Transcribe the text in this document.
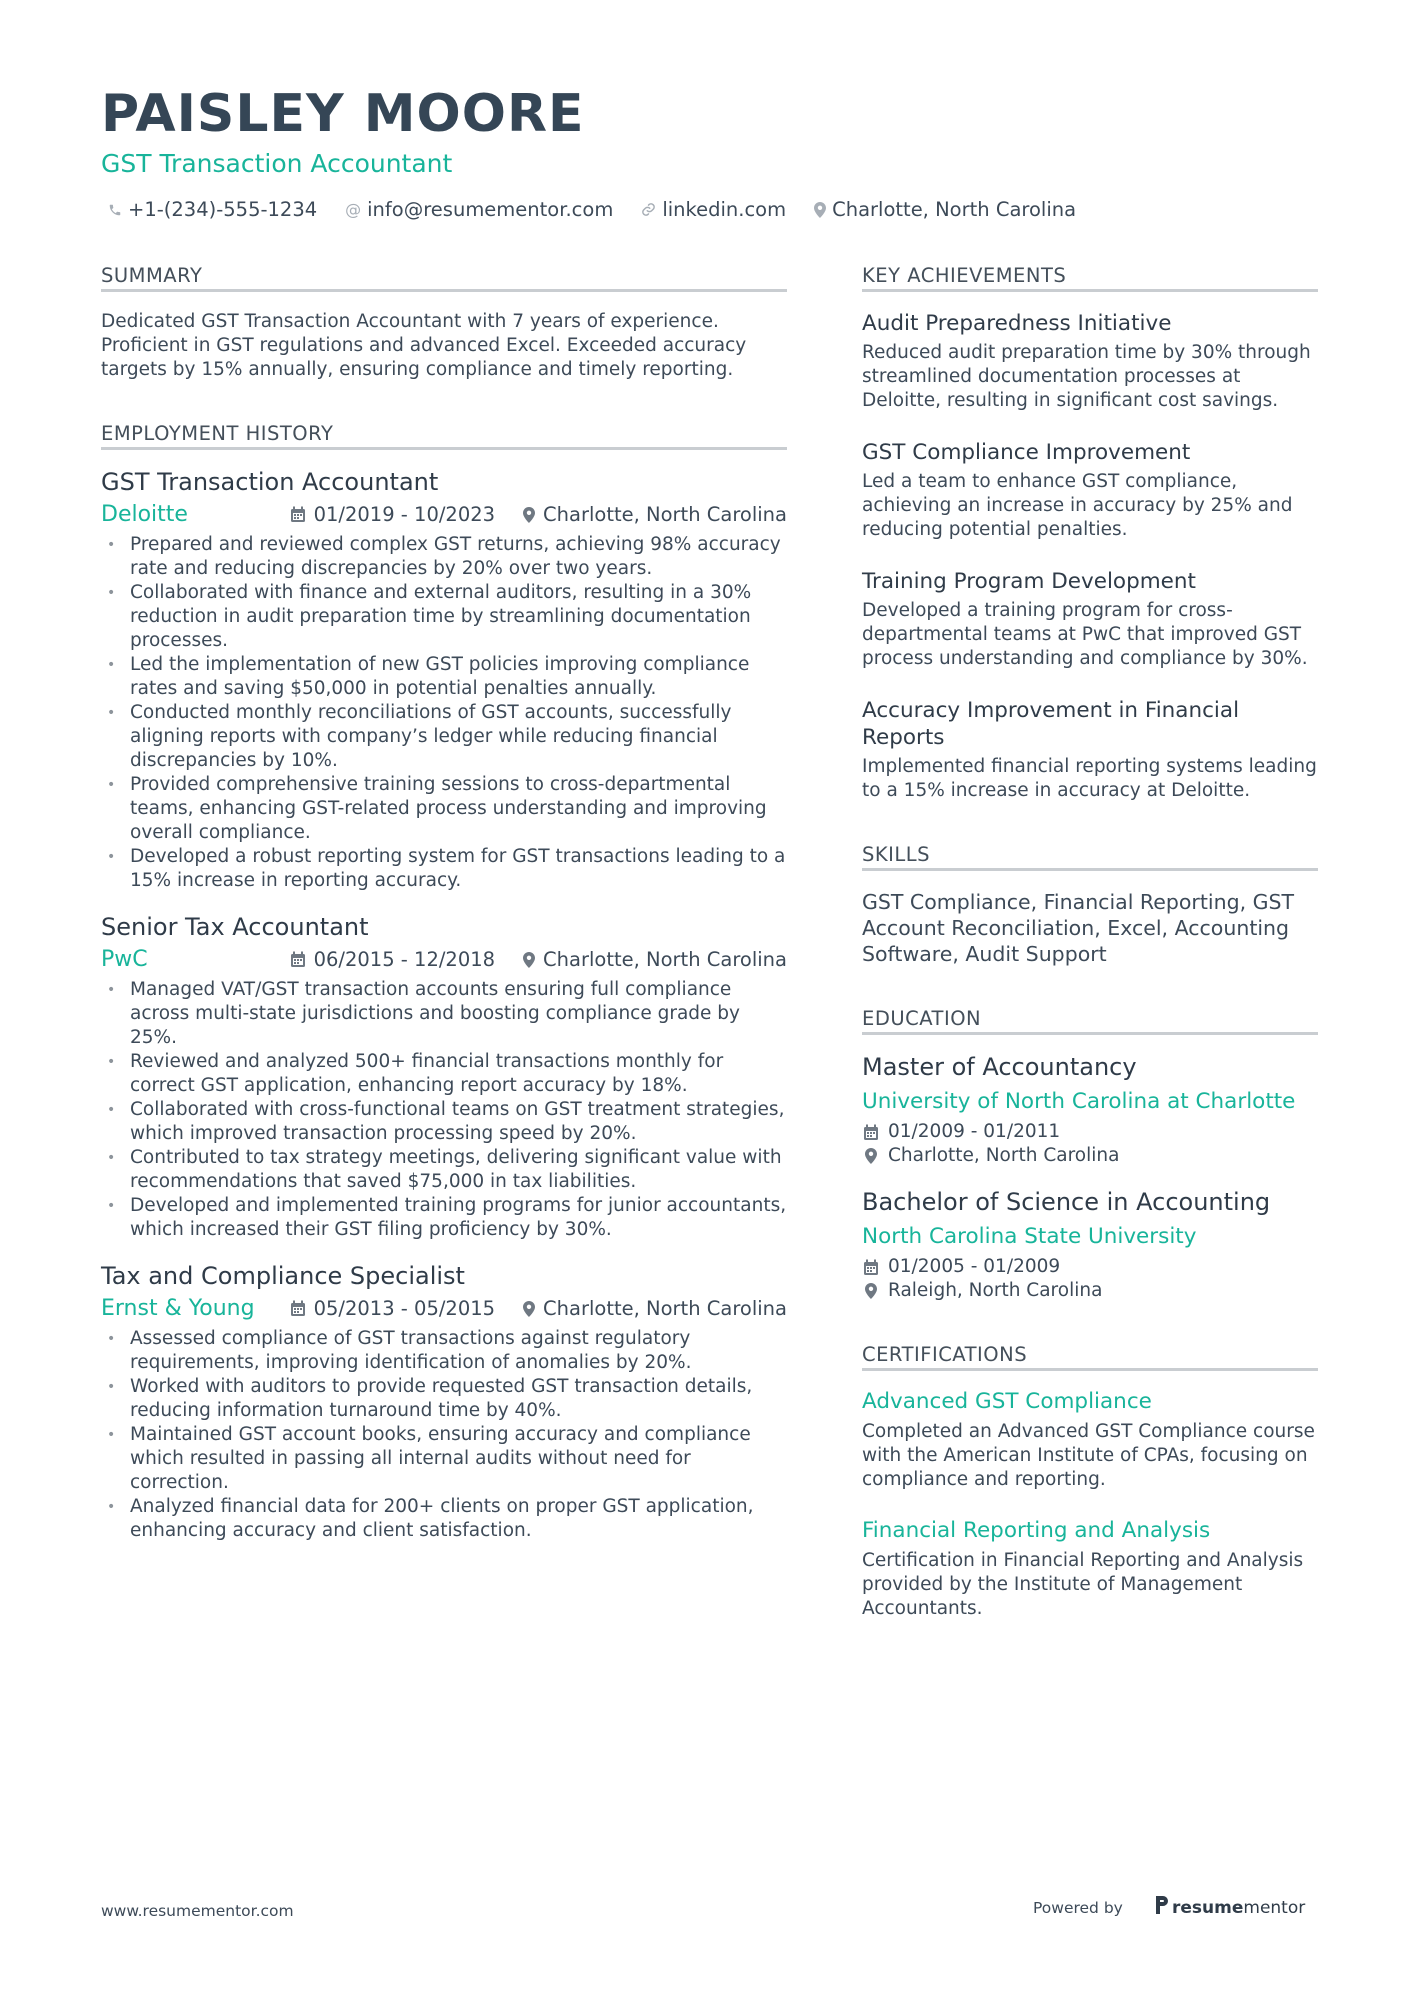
PAISLEY MOORE
GST Transaction Accountant
+1-(234)-555-1234 @ info@resumementor.com	linkedin.com Charlotte, North Carolina
SUMMARY

Dedicated GST Transaction Accountant with 7 years of experience. Proficient in GST regulations and advanced Excel. Exceeded accuracy targets by 15% annually, ensuring compliance and timely reporting.

EMPLOYMENT HISTORY
GST Transaction Accountant
Deloitte	01/2019 - 10/2023 Charlotte, North Carolina
• Prepared and reviewed complex GST returns, achieving 98% accuracy rate and reducing discrepancies by 20% over two years.
• Collaborated with finance and external auditors, resulting in a 30% reduction in audit preparation time by streamlining documentation processes.
• Led the implementation of new GST policies improving compliance rates and saving $50,000 in potential penalties annually.
• Conducted monthly reconciliations of GST accounts, successfully aligning reports with company’s ledger while reducing financial discrepancies by 10%.
• Provided comprehensive training sessions to cross-departmental teams, enhancing GST-related process understanding and improving overall compliance.
• Developed a robust reporting system for GST transactions leading to a 15% increase in reporting accuracy.
Senior Tax Accountant
PwC	06/2015 - 12/2018 Charlotte, North Carolina
• Managed VAT/GST transaction accounts ensuring full compliance across multi-state jurisdictions and boosting compliance grade by 25%.
• Reviewed and analyzed 500+ financial transactions monthly for correct GST application, enhancing report accuracy by 18%.
• Collaborated with cross-functional teams on GST treatment strategies, which improved transaction processing speed by 20%.
• Contributed to tax strategy meetings, delivering significant value with recommendations that saved $75,000 in tax liabilities.
• Developed and implemented training programs for junior accountants, which increased their GST filing proficiency by 30%.
Tax and Compliance Specialist
Ernst & Young	05/2013 - 05/2015 Charlotte, North Carolina
• Assessed compliance of GST transactions against regulatory requirements, improving identification of anomalies by 20%.
• Worked with auditors to provide requested GST transaction details, reducing information turnaround time by 40%.
• Maintained GST account books, ensuring accuracy and compliance which resulted in passing all internal audits without need for correction.
• Analyzed financial data for 200+ clients on proper GST application, enhancing accuracy and client satisfaction.
KEY ACHIEVEMENTS
Audit Preparedness Initiative

Reduced audit preparation time by 30% through streamlined documentation processes at Deloitte, resulting in significant cost savings.

GST Compliance Improvement

Led a team to enhance GST compliance, achieving an increase in accuracy by 25% and reducing potential penalties.

Training Program Development

Developed a training program for cross-departmental teams at PwC that improved GST process understanding and compliance by 30%.

Accuracy Improvement in Financial Reports

Implemented financial reporting systems leading to a 15% increase in accuracy at Deloitte.

SKILLS
GST Compliance, Financial Reporting, GST Account Reconciliation, Excel, Accounting Software, Audit Support
EDUCATION
Master of Accountancy
University of North Carolina at Charlotte
01/2009 - 01/2011
Charlotte, North Carolina
Bachelor of Science in Accounting
North Carolina State University
01/2005 - 01/2009
Raleigh, North Carolina
CERTIFICATIONS
Advanced GST Compliance

Completed an Advanced GST Compliance course with the American Institute of CPAs, focusing on compliance and reporting.

Financial Reporting and Analysis

Certification in Financial Reporting and Analysis provided by the Institute of Management Accountants.

www.resumementor.com	Powered by	resume mentor
